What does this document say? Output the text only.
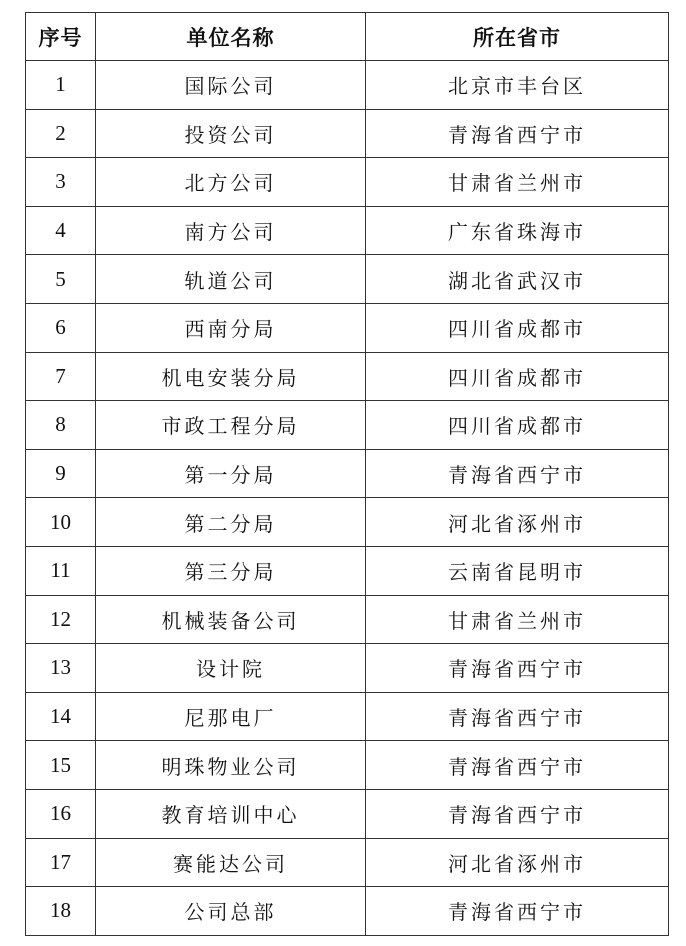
序号	单位名称	所在省市
1	国际公司	北京市丰台区
2	投资公司	青海省西宁市
3	北方公司	甘肃省兰州市
4	南方公司	广东省珠海市
5	轨道公司	湖北省武汉市
6	西南分局	四川省成都市
7	机电安装分局	四川省成都市
8	市政工程分局	四川省成都市
9	第一分局	青海省西宁市
10	第二分局	河北省涿州市
11	第三分局	云南省昆明市
12	机械装备公司	甘肃省兰州市
13	设计院	青海省西宁市
14	尼那电厂	青海省西宁市
15	明珠物业公司	青海省西宁市
16	教育培训中心	青海省西宁市
17	赛能达公司	河北省涿州市
18	公司总部	青海省西宁市
